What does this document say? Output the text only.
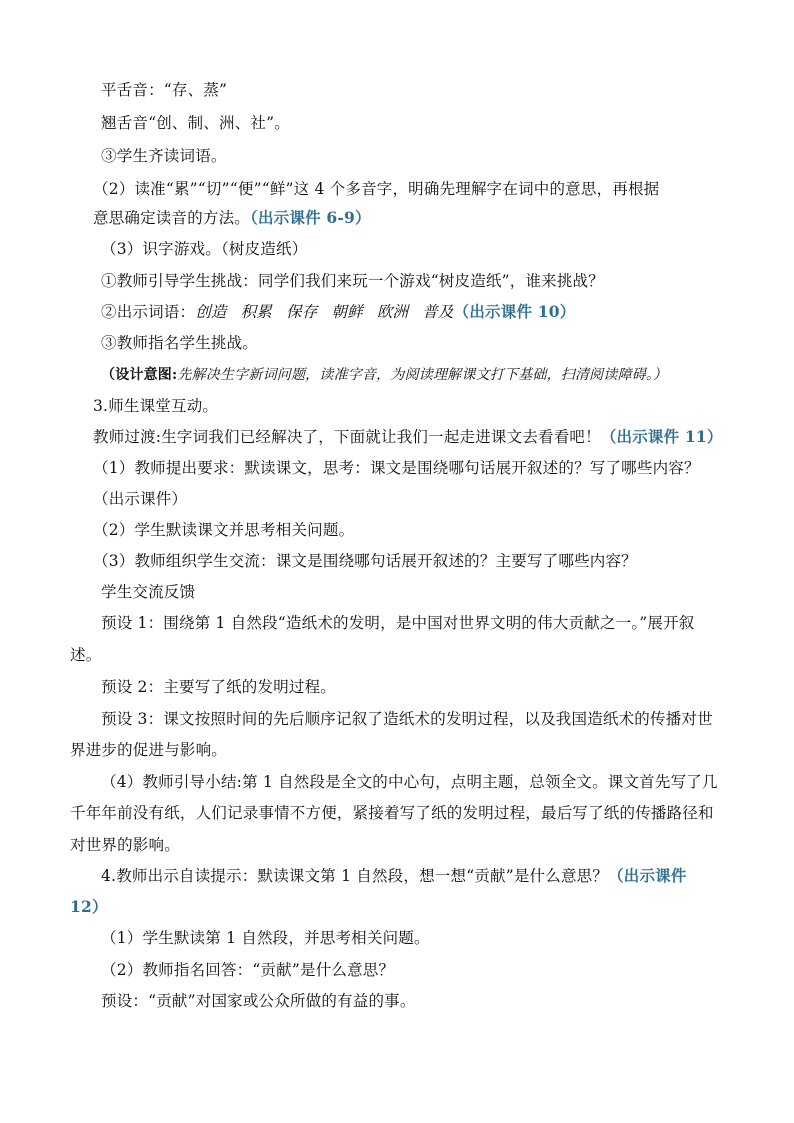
平舌音：“存、蒸”
翘舌音“创、制、洲、社”。
③学生齐读词语。
（2）读准“累”“切”“便”“鲜”这 4 个多音字，明确先理解字在词中的意思，再根据
意思确定读音的方法。（出示课件 6-9）
（3）识字游戏。（树皮造纸）
①教师引导学生挑战：同学们我们来玩一个游戏“树皮造纸”，谁来挑战？
②出示词语：创造 积累 保存 朝鲜 欧洲 普及（出示课件 10）
③教师指名学生挑战。
（设计意图:先解决生字新词问题，读准字音，为阅读理解课文打下基础，扫清阅读障碍。）
3.师生课堂互动。
教师过渡:生字词我们已经解决了，下面就让我们一起走进课文去看看吧！（出示课件 11）
（1）教师提出要求：默读课文，思考：课文是围绕哪句话展开叙述的？写了哪些内容？
（出示课件）
（2）学生默读课文并思考相关问题。
（3）教师组织学生交流：课文是围绕哪句话展开叙述的？主要写了哪些内容？
学生交流反馈
预设 1：围绕第 1 自然段“造纸术的发明，是中国对世界文明的伟大贡献之一。”展开叙
述。
预设 2：主要写了纸的发明过程。
预设 3：课文按照时间的先后顺序记叙了造纸术的发明过程，以及我国造纸术的传播对世
界进步的促进与影响。
（4）教师引导小结:第 1 自然段是全文的中心句，点明主题，总领全文。课文首先写了几
千年年前没有纸，人们记录事情不方便，紧接着写了纸的发明过程，最后写了纸的传播路径和
对世界的影响。
4.教师出示自读提示：默读课文第 1 自然段，想一想“贡献”是什么意思？（出示课件
12）
（1）学生默读第 1 自然段，并思考相关问题。
（2）教师指名回答：“贡献”是什么意思？
预设：“贡献”对国家或公众所做的有益的事。
